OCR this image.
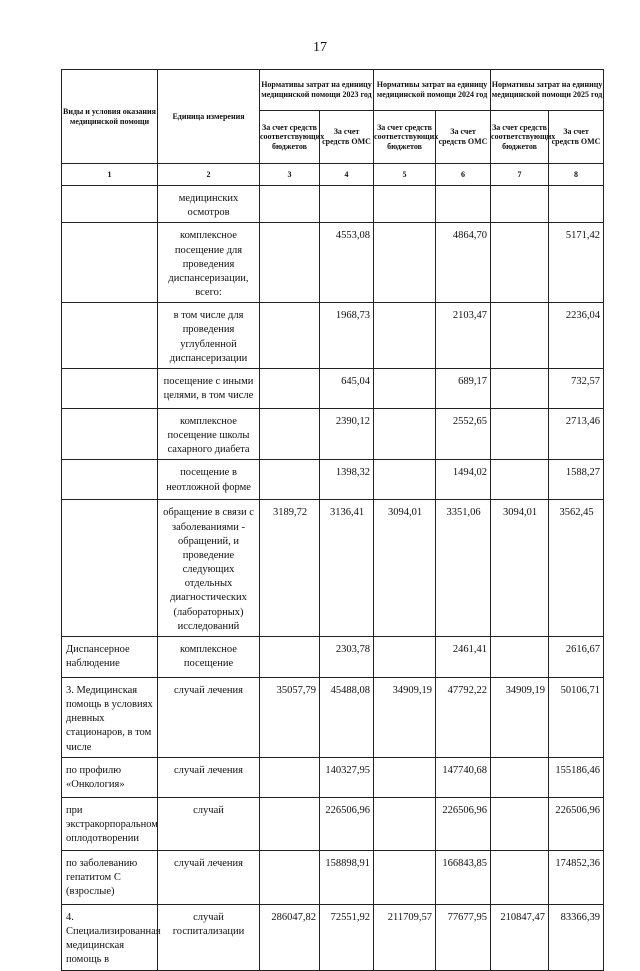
17
Виды и условия оказания медицинской помощи	Единица измерения	Нормативы затрат на единицу медицинской помощи 2023 год		Нормативы затрат на единицу медицинской помощи 2024 год		Нормативы затрат на единицу медицинской помощи 2025 год	
		За счет средств соответствующих бюджетов	За счет средств ОМС	За счет средств соответствующих бюджетов	За счет средств ОМС	За счет средств соответствующих бюджетов	За счет средств ОМС
1	2	3	4	5	6	7	8
	медицинских осмотров						
	комплексное посещение для проведения диспансеризации, всего:		4553,08		4864,70		5171,42
	в том числе для проведения углубленной диспансеризации		1968,73		2103,47		2236,04
	посещение с иными целями, в том числе		645,04		689,17		732,57
	комплексное посещение школы сахарного диабета		2390,12		2552,65		2713,46
	посещение в неотложной форме		1398,32		1494,02		1588,27
	обращение в связи с заболеваниями - обращений, и проведение следующих отдельных диагностических (лабораторных) исследований	3189,72	3136,41	3094,01	3351,06	3094,01	3562,45
Диспансерное наблюдение	комплексное посещение		2303,78		2461,41		2616,67
3. Медицинская помощь в условиях дневных стационаров, в том числе	случай лечения	35057,79	45488,08	34909,19	47792,22	34909,19	50106,71
по профилю «Онкология»	случай лечения		140327,95		147740,68		155186,46
при экстракорпоральном оплодотворении	случай		226506,96		226506,96		226506,96
по заболеванию гепатитом С (взрослые)	случай лечения		158898,91		166843,85		174852,36
4. Специализированная медицинская помощь в	случай госпитализации	286047,82	72551,92	211709,57	77677,95	210847,47	83366,39
